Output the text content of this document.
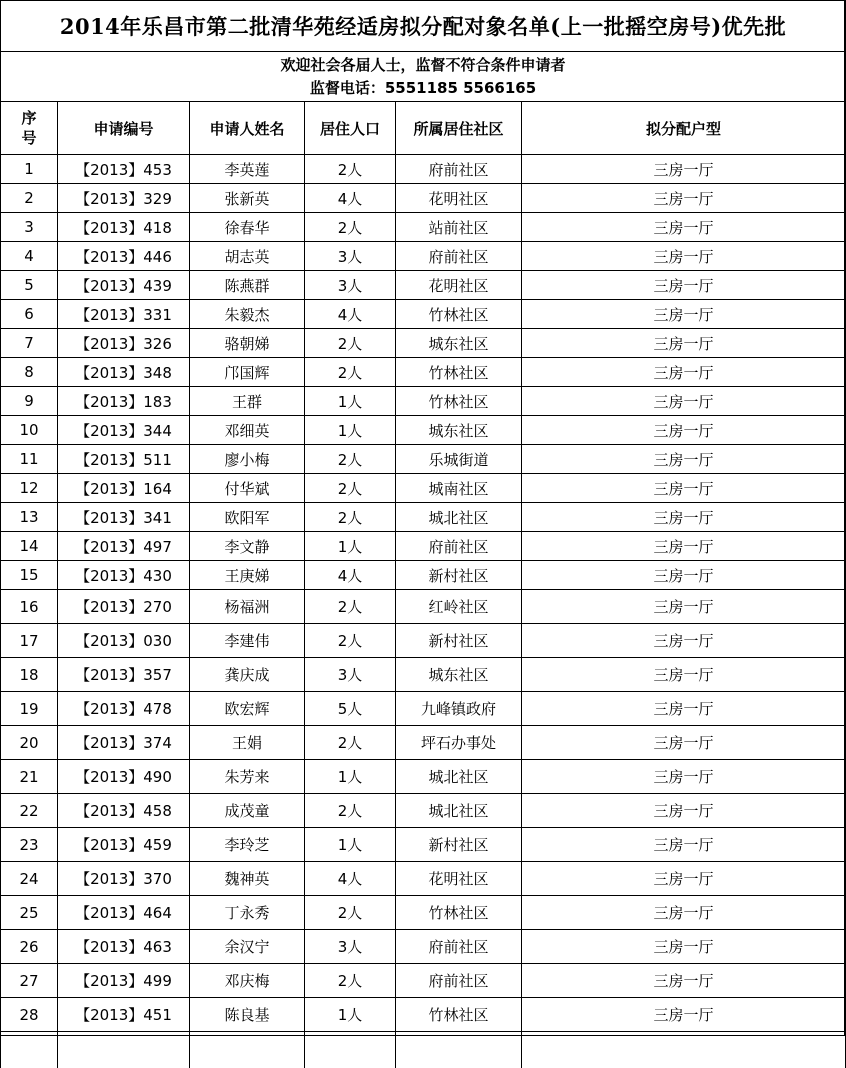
2014年乐昌市第二批清华苑经适房拟分配对象名单(上一批摇空房号)优先批					

欢迎社会各届人士，监督不符合条件申请者
监督电话：5551185 5566165					

序
号	申请编号	申请人姓名	居住人口	所属居住社区	拟分配户型
1	【2013】453	李英莲	2人	府前社区	三房一厅
2	【2013】329	张新英	4人	花明社区	三房一厅
3	【2013】418	徐春华	2人	站前社区	三房一厅
4	【2013】446	胡志英	3人	府前社区	三房一厅
5	【2013】439	陈燕群	3人	花明社区	三房一厅
6	【2013】331	朱毅杰	4人	竹林社区	三房一厅
7	【2013】326	骆朝娣	2人	城东社区	三房一厅
8	【2013】348	邝国辉	2人	竹林社区	三房一厅
9	【2013】183	王群	1人	竹林社区	三房一厅
10	【2013】344	邓细英	1人	城东社区	三房一厅
11	【2013】511	廖小梅	2人	乐城街道	三房一厅
12	【2013】164	付华斌	2人	城南社区	三房一厅
13	【2013】341	欧阳军	2人	城北社区	三房一厅
14	【2013】497	李文静	1人	府前社区	三房一厅
15	【2013】430	王庚娣	4人	新村社区	三房一厅
16	【2013】270	杨福洲	2人	红岭社区	三房一厅
17	【2013】030	李建伟	2人	新村社区	三房一厅
18	【2013】357	龚庆成	3人	城东社区	三房一厅
19	【2013】478	欧宏辉	5人	九峰镇政府	三房一厅
20	【2013】374	王娟	2人	坪石办事处	三房一厅
21	【2013】490	朱芳来	1人	城北社区	三房一厅
22	【2013】458	成茂童	2人	城北社区	三房一厅
23	【2013】459	李玲芝	1人	新村社区	三房一厅
24	【2013】370	魏神英	4人	花明社区	三房一厅
25	【2013】464	丁永秀	2人	竹林社区	三房一厅
26	【2013】463	余汉宁	3人	府前社区	三房一厅
27	【2013】499	邓庆梅	2人	府前社区	三房一厅
28	【2013】451	陈良基	1人	竹林社区	三房一厅
